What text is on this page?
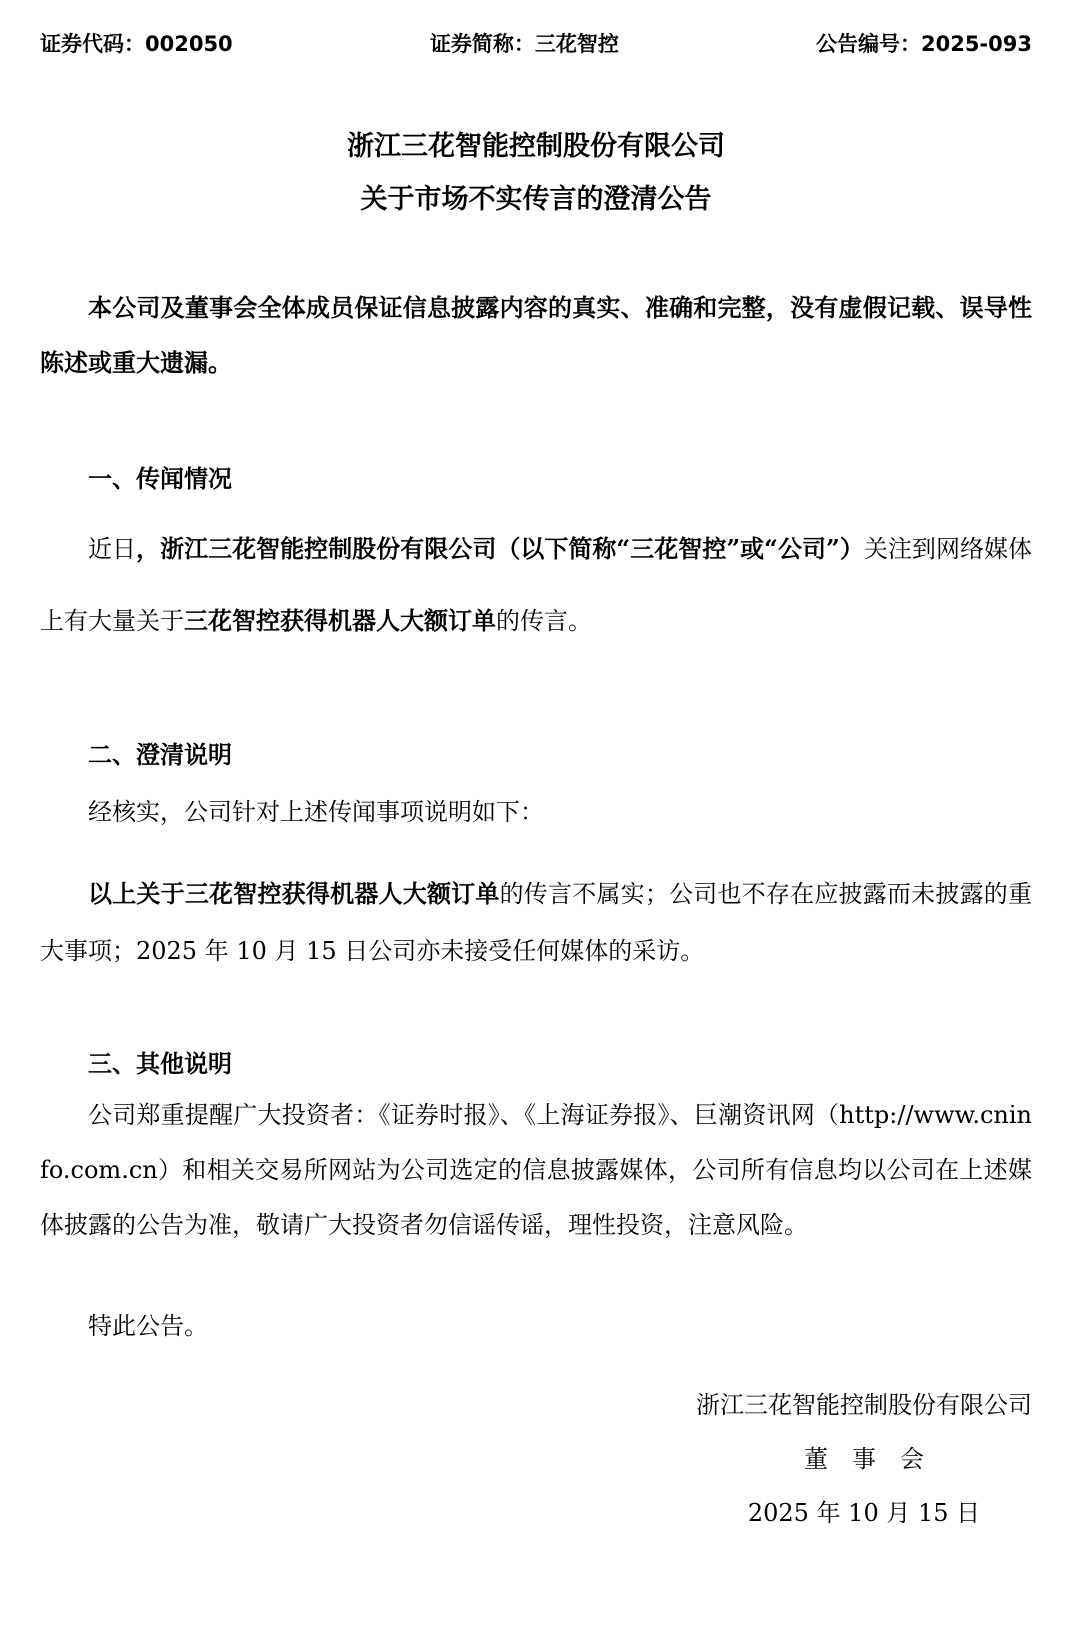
证券代码：002050	证券简称：三花智控	公告编号：2025-093
浙江三花智能控制股份有限公司
关于市场不实传言的澄清公告

本公司及董事会全体成员保证信息披露内容的真实、准确和完整，没有虚假记载、误导性陈述或重大遗漏。

一、传闻情况

近日，浙江三花智能控制股份有限公司（以下简称“三花智控”或“公司”）关注到网络媒体上有大量关于三花智控获得机器人大额订单的传言。

二、澄清说明

经核实，公司针对上述传闻事项说明如下：

以上关于三花智控获得机器人大额订单的传言不属实；公司也不存在应披露而未披露的重大事项；2025 年 10 月 15 日公司亦未接受任何媒体的采访。

三、其他说明

公司郑重提醒广大投资者：《证券时报》、《上海证券报》、巨潮资讯网（http://www.cninfo.com.cn）和相关交易所网站为公司选定的信息披露媒体，公司所有信息均以公司在上述媒体披露的公告为准，敬请广大投资者勿信谣传谣，理性投资，注意风险。

特此公告。

浙江三花智能控制股份有限公司
董　事　会
2025 年 10 月 15 日
